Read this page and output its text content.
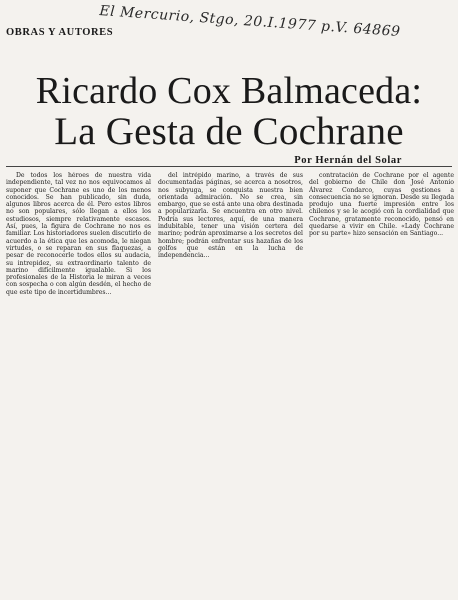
El Mercurio, Stgo, 20.I.1977 p.V. 64869
OBRAS Y AUTORES
Ricardo Cox Balmaceda:
La Gesta de Cochrane
Por Hernán del Solar

De todos los héroes de nuestra vida independiente, tal vez no nos equivocamos al suponer que Cochrane es uno de los menos conocidos. Se han publicado, sin duda, algunos libros acerca de él. Pero estos libros no son populares, sólo llegan a ellos los estudiosos, siempre relativamente escasos. Así, pues, la figura de Cochrane no nos es familiar. Los historiadores suelen discutirlo de acuerdo a la ética que les acomoda, le niegan virtudes, o se reparan en sus flaquezas, a pesar de reconocerle todos ellos su audacia, su intrepidez, su extraordinario talento de marino difícilmente igualable. Si los profesionales de la Historia le miran a veces con sospecha o con algún desdén, el hecho de que este tipo de incertidumbres...

del intrépido marino, a través de sus documentadas páginas, se acerca a nosotros, nos subyuga, se conquista nuestra bien orientada admiración. No se crea, sin embargo, que se está ante una obra destinada a popularizarla. Se encuentra en otro nivel. Podría sus lectores, aquí, de una manera indubitable, tener una visión certera del marino; podrán aproximarse a los secretos del hombre; podrán enfrentar sus hazañas de los golfos que están en la lucha de independencia...

contratación de Cochrane por el agente del gobierno de Chile don José Antonio Álvarez Condarco, cuyas gestiones a consecuencia no se ignoran. Desde su llegada produjo una fuerte impresión entre los chilenos y se le acogió con la cordialidad que Cochrane, gratamente reconocido, pensó en quedarse a vivir en Chile. «Lady Cochrane por su parte» hizo sensación en Santiago...
